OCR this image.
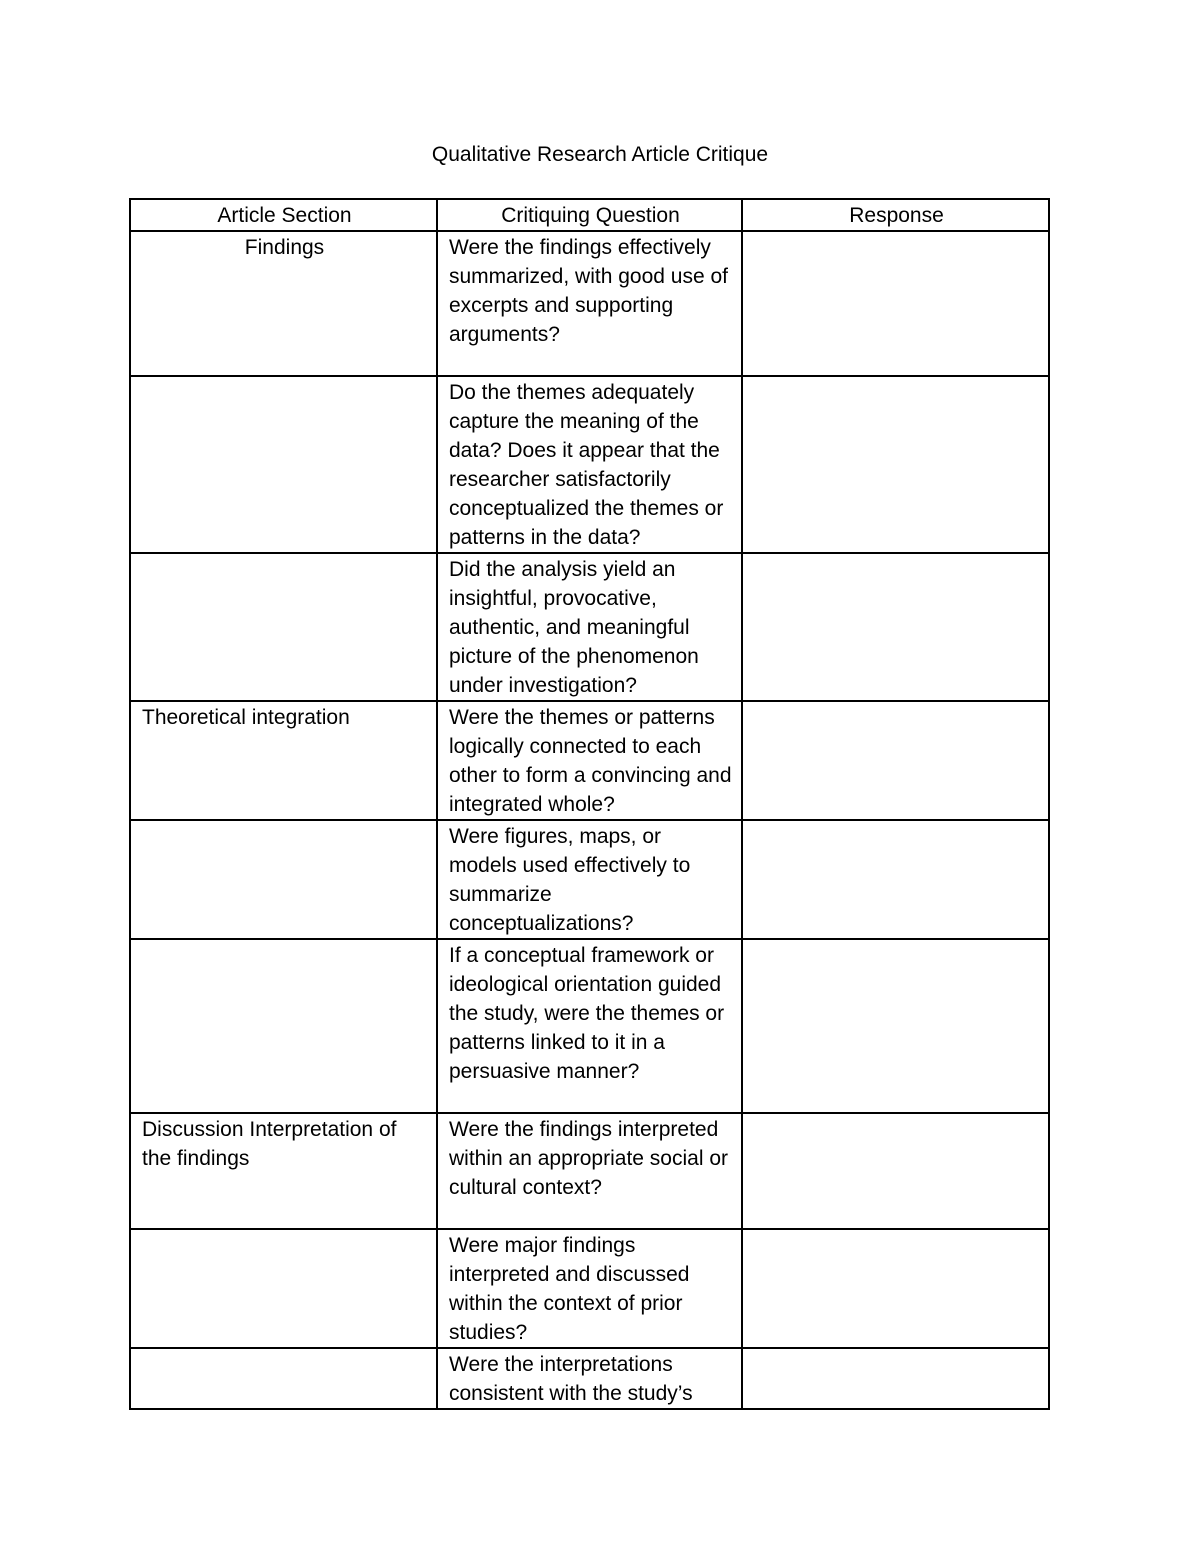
Qualitative Research Article Critique
Article Section	Critiquing Question	Response
Findings	Were the findings effectively summarized, with good use of excerpts and supporting arguments?	
	Do the themes adequately capture the meaning of the data? Does it appear that the researcher satisfactorily conceptualized the themes or patterns in the data?	
	Did the analysis yield an insightful, provocative, authentic, and meaningful picture of the phenomenon under investigation?	
Theoretical integration	Were the themes or patterns logically connected to each other to form a convincing and integrated whole?	
	Were figures, maps, or models used effectively to summarize conceptualizations?	
	If a conceptual framework or ideological orientation guided the study, were the themes or patterns linked to it in a persuasive manner?	
Discussion Interpretation of the findings	Were the findings interpreted within an appropriate social or cultural context?	
	Were major findings interpreted and discussed within the context of prior studies?	
	Were the interpretations consistent with the study’s	
